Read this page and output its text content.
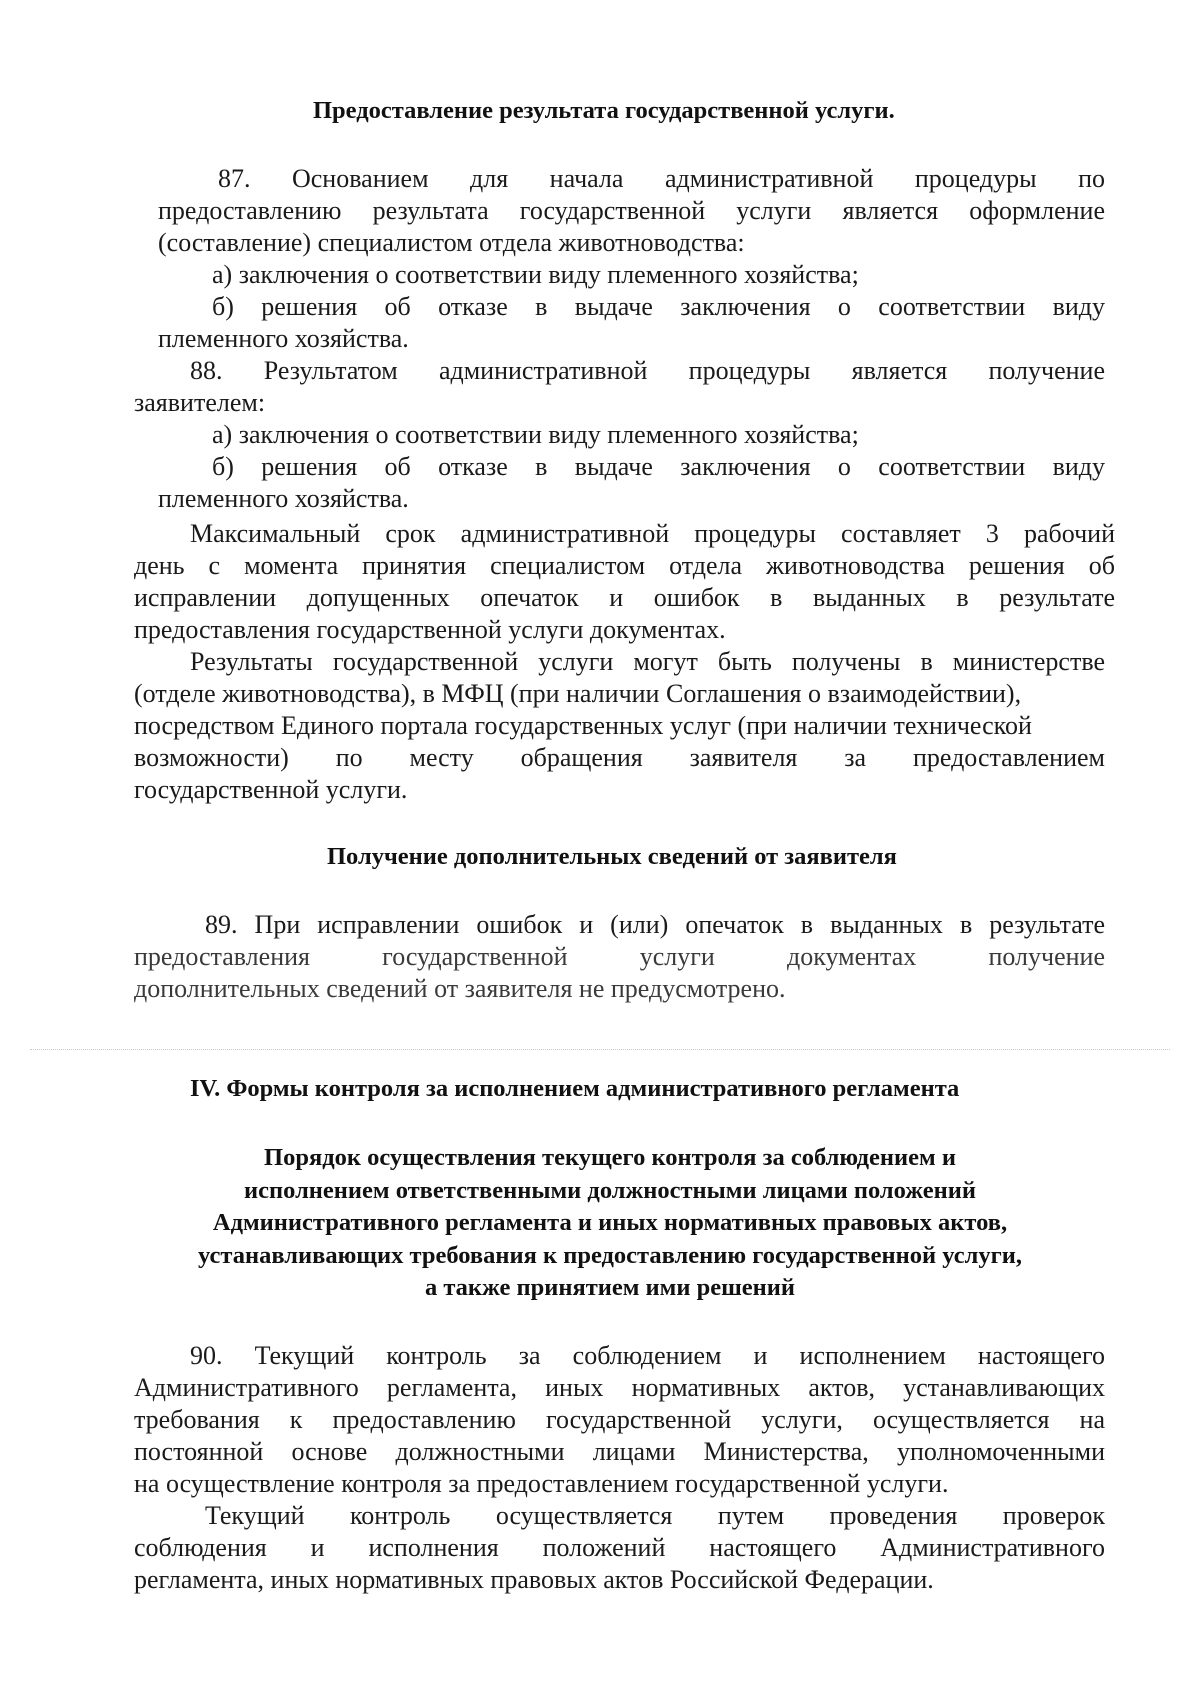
Предоставление результата государственной услуги.
87. Основанием для начала административной процедуры по
предоставлению результата государственной услуги является оформление
(составление) специалистом отдела животноводства:
а) заключения о соответствии виду племенного хозяйства;
б) решения об отказе в выдаче заключения о соответствии виду
племенного хозяйства.
88. Результатом административной процедуры является получение
заявителем:
а) заключения о соответствии виду племенного хозяйства;
б) решения об отказе в выдаче заключения о соответствии виду
племенного хозяйства.
Максимальный срок административной процедуры составляет 3 рабочий
день с момента принятия специалистом отдела животноводства решения об
исправлении допущенных опечаток и ошибок в выданных в результате
предоставления государственной услуги документах.
Результаты государственной услуги могут быть получены в министерстве
(отделе животноводства), в МФЦ (при наличии Соглашения о взаимодействии),
посредством Единого портала государственных услуг (при наличии технической
возможности) по месту обращения заявителя за предоставлением
государственной услуги.
Получение дополнительных сведений от заявителя
89. При исправлении ошибок и (или) опечаток в выданных в результате
предоставления государственной услуги документах получение
дополнительных сведений от заявителя не предусмотрено.
IV. Формы контроля за исполнением административного регламента
Порядок осуществления текущего контроля за соблюдением и
исполнением ответственными должностными лицами положений
Административного регламента и иных нормативных правовых актов,
устанавливающих требования к предоставлению государственной услуги,
а также принятием ими решений
90. Текущий контроль за соблюдением и исполнением настоящего
Административного регламента, иных нормативных актов, устанавливающих
требования к предоставлению государственной услуги, осуществляется на
постоянной основе должностными лицами Министерства, уполномоченными
на осуществление контроля за предоставлением государственной услуги.
Текущий контроль осуществляется путем проведения проверок
соблюдения и исполнения положений настоящего Административного
регламента, иных нормативных правовых актов Российской Федерации.
